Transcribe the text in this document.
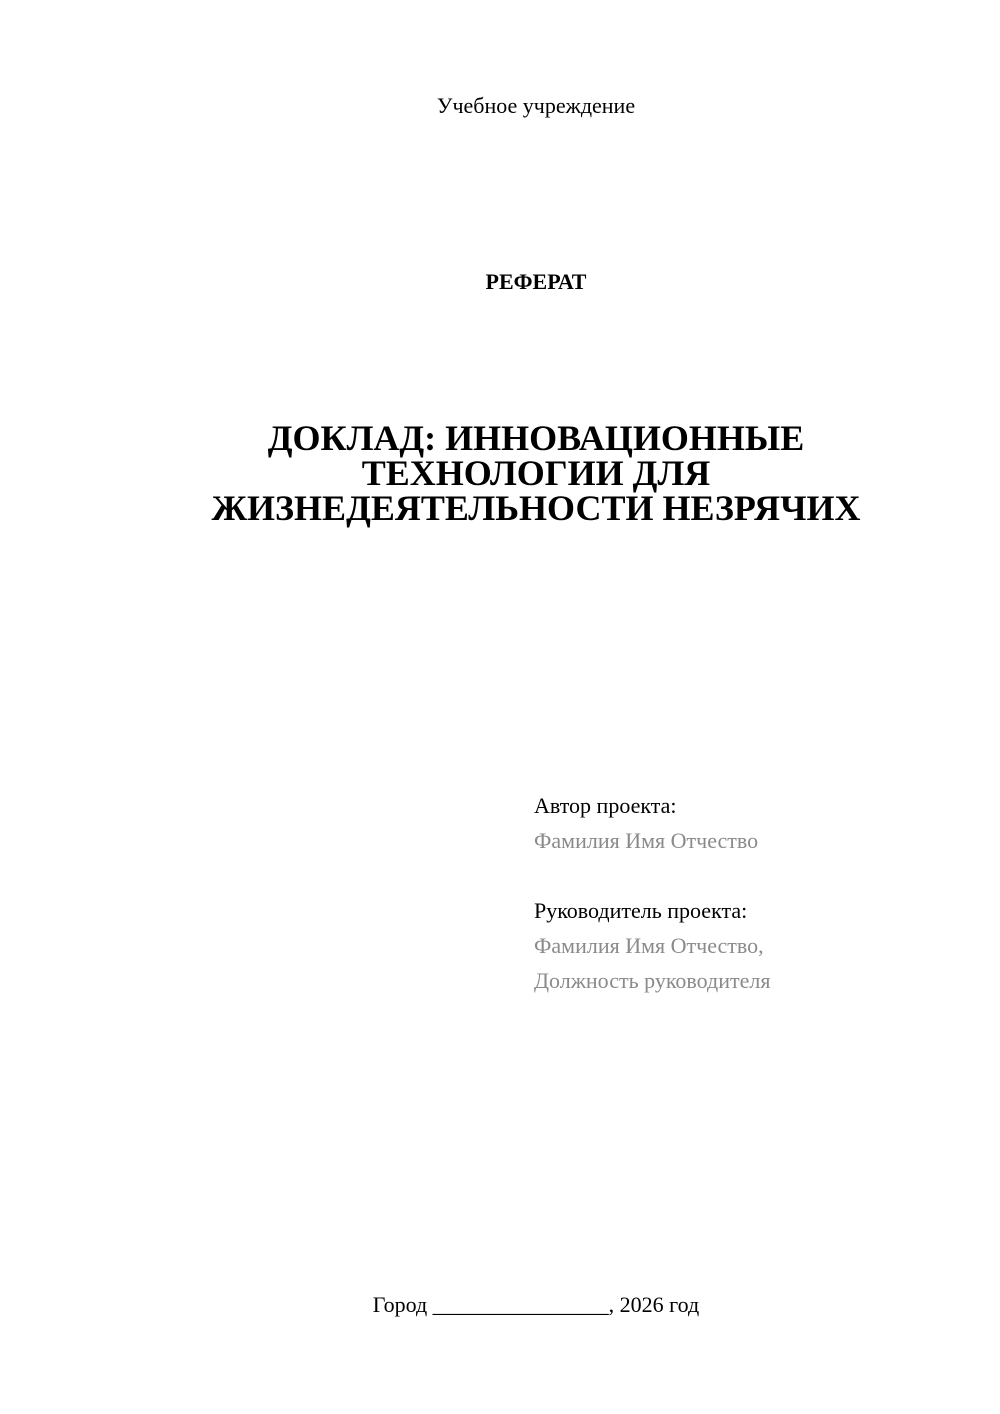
Учебное учреждение
РЕФЕРАТ
ДОКЛАД: ИННОВАЦИОННЫЕ
ТЕХНОЛОГИИ ДЛЯ
ЖИЗНЕДЕЯТЕЛЬНОСТИ НЕЗРЯЧИХ
Автор проекта:
Фамилия Имя Отчество
Руководитель проекта:
Фамилия Имя Отчество,
Должность руководителя
Город ________________, 2026 год
